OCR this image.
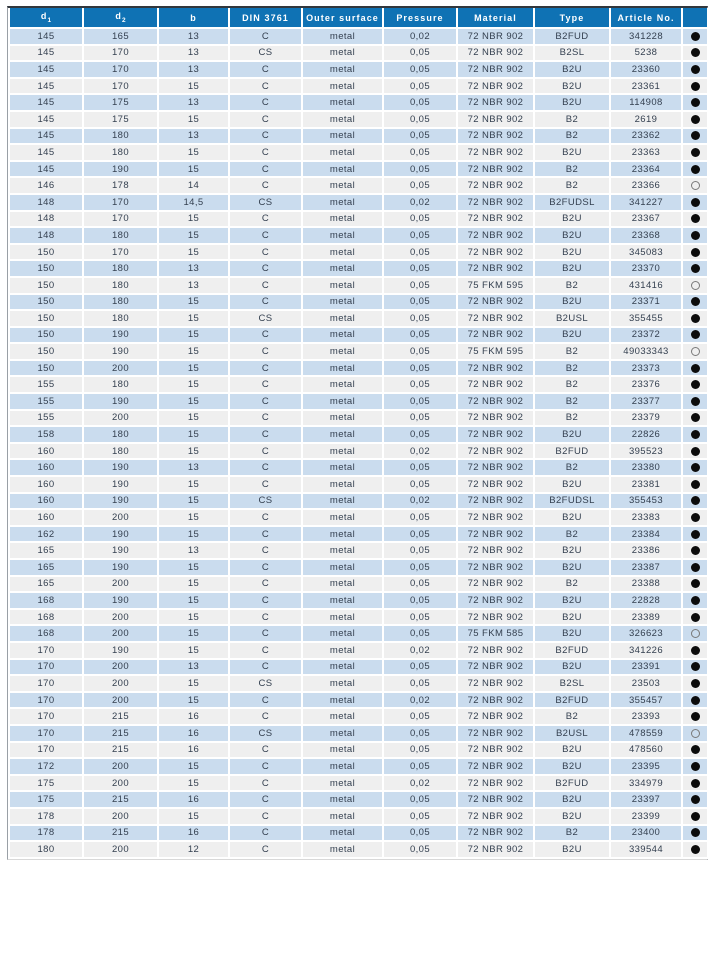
$d_1$	$d_2$	b	DIN 3761	Outer surface	Pressure	Material	Type	Article No.	
145	165	13	C	metal	0,02	72 NBR 902	B2FUD	341228	
145	170	13	CS	metal	0,05	72 NBR 902	B2SL	5238	
145	170	13	C	metal	0,05	72 NBR 902	B2U	23360	
145	170	15	C	metal	0,05	72 NBR 902	B2U	23361	
145	175	13	C	metal	0,05	72 NBR 902	B2U	114908	
145	175	15	C	metal	0,05	72 NBR 902	B2	2619	
145	180	13	C	metal	0,05	72 NBR 902	B2	23362	
145	180	15	C	metal	0,05	72 NBR 902	B2U	23363	
145	190	15	C	metal	0,05	72 NBR 902	B2	23364	
146	178	14	C	metal	0,05	72 NBR 902	B2	23366	
148	170	14,5	CS	metal	0,02	72 NBR 902	B2FUDSL	341227	
148	170	15	C	metal	0,05	72 NBR 902	B2U	23367	
148	180	15	C	metal	0,05	72 NBR 902	B2U	23368	
150	170	15	C	metal	0,05	72 NBR 902	B2U	345083	
150	180	13	C	metal	0,05	72 NBR 902	B2U	23370	
150	180	13	C	metal	0,05	75 FKM 595	B2	431416	
150	180	15	C	metal	0,05	72 NBR 902	B2U	23371	
150	180	15	CS	metal	0,05	72 NBR 902	B2USL	355455	
150	190	15	C	metal	0,05	72 NBR 902	B2U	23372	
150	190	15	C	metal	0,05	75 FKM 595	B2	49033343	
150	200	15	C	metal	0,05	72 NBR 902	B2	23373	
155	180	15	C	metal	0,05	72 NBR 902	B2	23376	
155	190	15	C	metal	0,05	72 NBR 902	B2	23377	
155	200	15	C	metal	0,05	72 NBR 902	B2	23379	
158	180	15	C	metal	0,05	72 NBR 902	B2U	22826	
160	180	15	C	metal	0,02	72 NBR 902	B2FUD	395523	
160	190	13	C	metal	0,05	72 NBR 902	B2	23380	
160	190	15	C	metal	0,05	72 NBR 902	B2U	23381	
160	190	15	CS	metal	0,02	72 NBR 902	B2FUDSL	355453	
160	200	15	C	metal	0,05	72 NBR 902	B2U	23383	
162	190	15	C	metal	0,05	72 NBR 902	B2	23384	
165	190	13	C	metal	0,05	72 NBR 902	B2U	23386	
165	190	15	C	metal	0,05	72 NBR 902	B2U	23387	
165	200	15	C	metal	0,05	72 NBR 902	B2	23388	
168	190	15	C	metal	0,05	72 NBR 902	B2U	22828	
168	200	15	C	metal	0,05	72 NBR 902	B2U	23389	
168	200	15	C	metal	0,05	75 FKM 585	B2U	326623	
170	190	15	C	metal	0,02	72 NBR 902	B2FUD	341226	
170	200	13	C	metal	0,05	72 NBR 902	B2U	23391	
170	200	15	CS	metal	0,05	72 NBR 902	B2SL	23503	
170	200	15	C	metal	0,02	72 NBR 902	B2FUD	355457	
170	215	16	C	metal	0,05	72 NBR 902	B2	23393	
170	215	16	CS	metal	0,05	72 NBR 902	B2USL	478559	
170	215	16	C	metal	0,05	72 NBR 902	B2U	478560	
172	200	15	C	metal	0,05	72 NBR 902	B2U	23395	
175	200	15	C	metal	0,02	72 NBR 902	B2FUD	334979	
175	215	16	C	metal	0,05	72 NBR 902	B2U	23397	
178	200	15	C	metal	0,05	72 NBR 902	B2U	23399	
178	215	16	C	metal	0,05	72 NBR 902	B2	23400	
180	200	12	C	metal	0,05	72 NBR 902	B2U	339544	
